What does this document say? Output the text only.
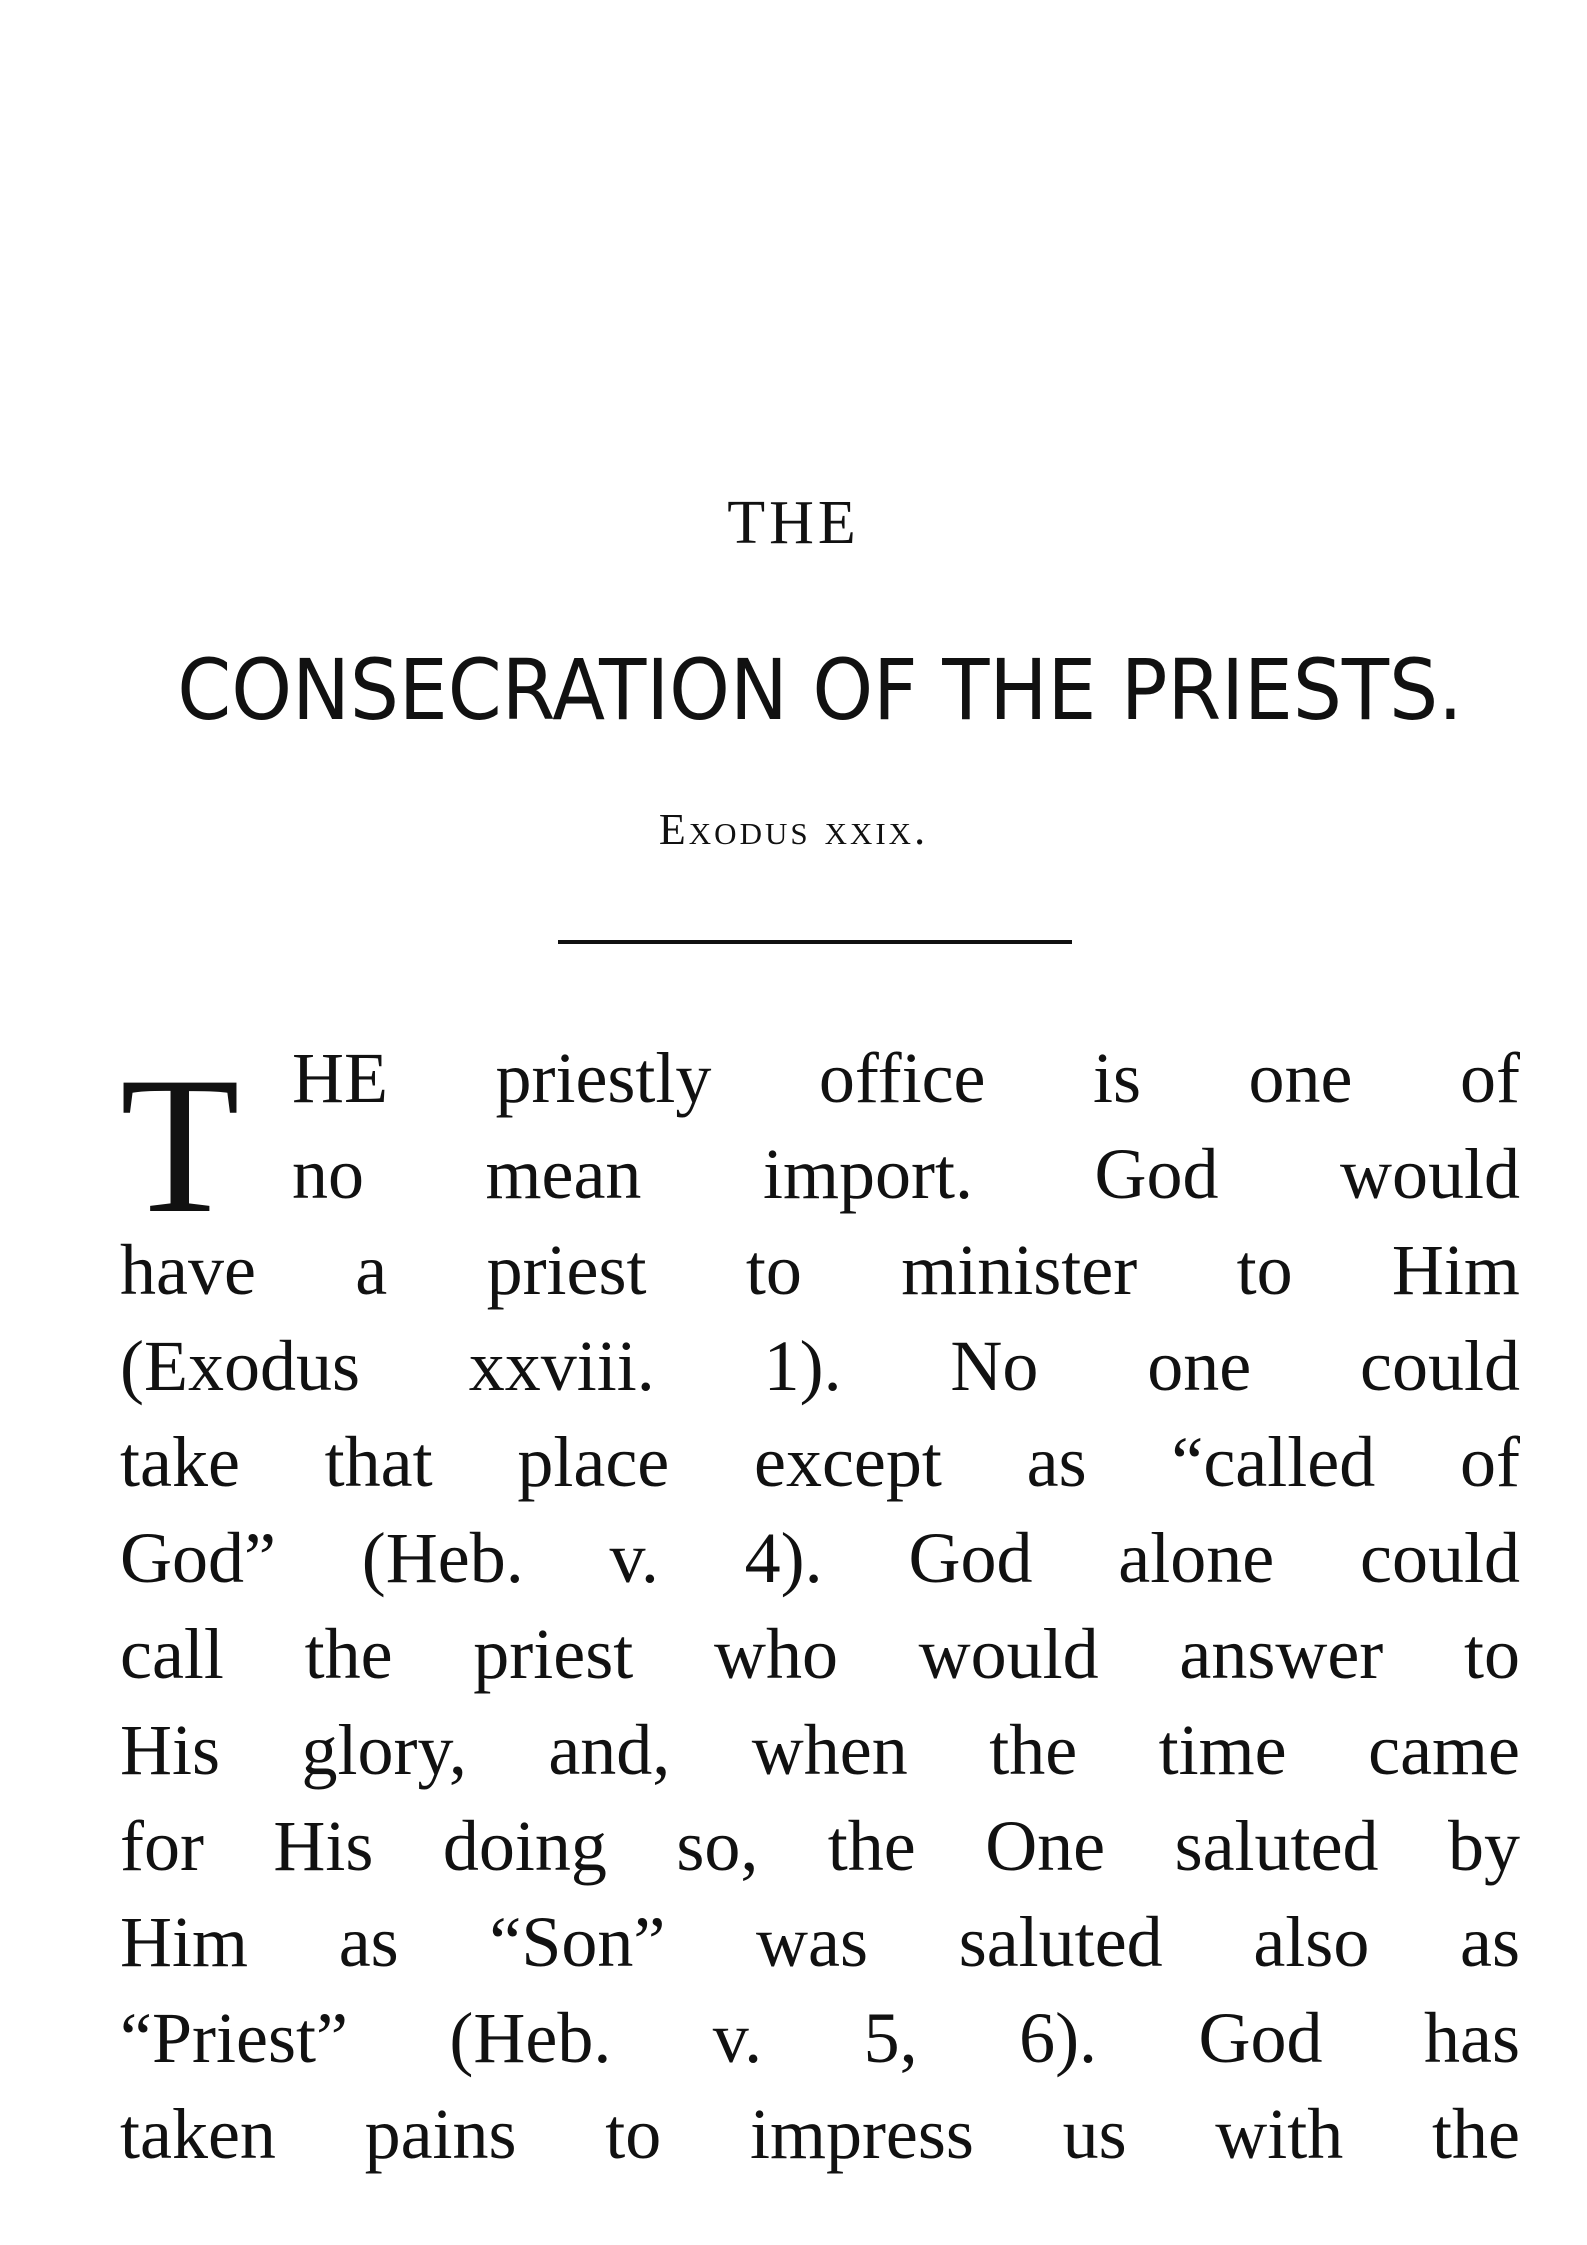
THE
CONSECRATION OF THE PRIESTS.
Exodus xxix.
T HE priestly office is one of
no mean import. God would
have a priest to minister to Him
(Exodus xxviii. 1). No one could
take that place except as “called of
God” (Heb. v. 4). God alone could
call the priest who would answer to
His glory, and, when the time came
for His doing so, the One saluted by
Him as “Son” was saluted also as
“Priest” (Heb. v. 5, 6). God has
taken pains to impress us with the
